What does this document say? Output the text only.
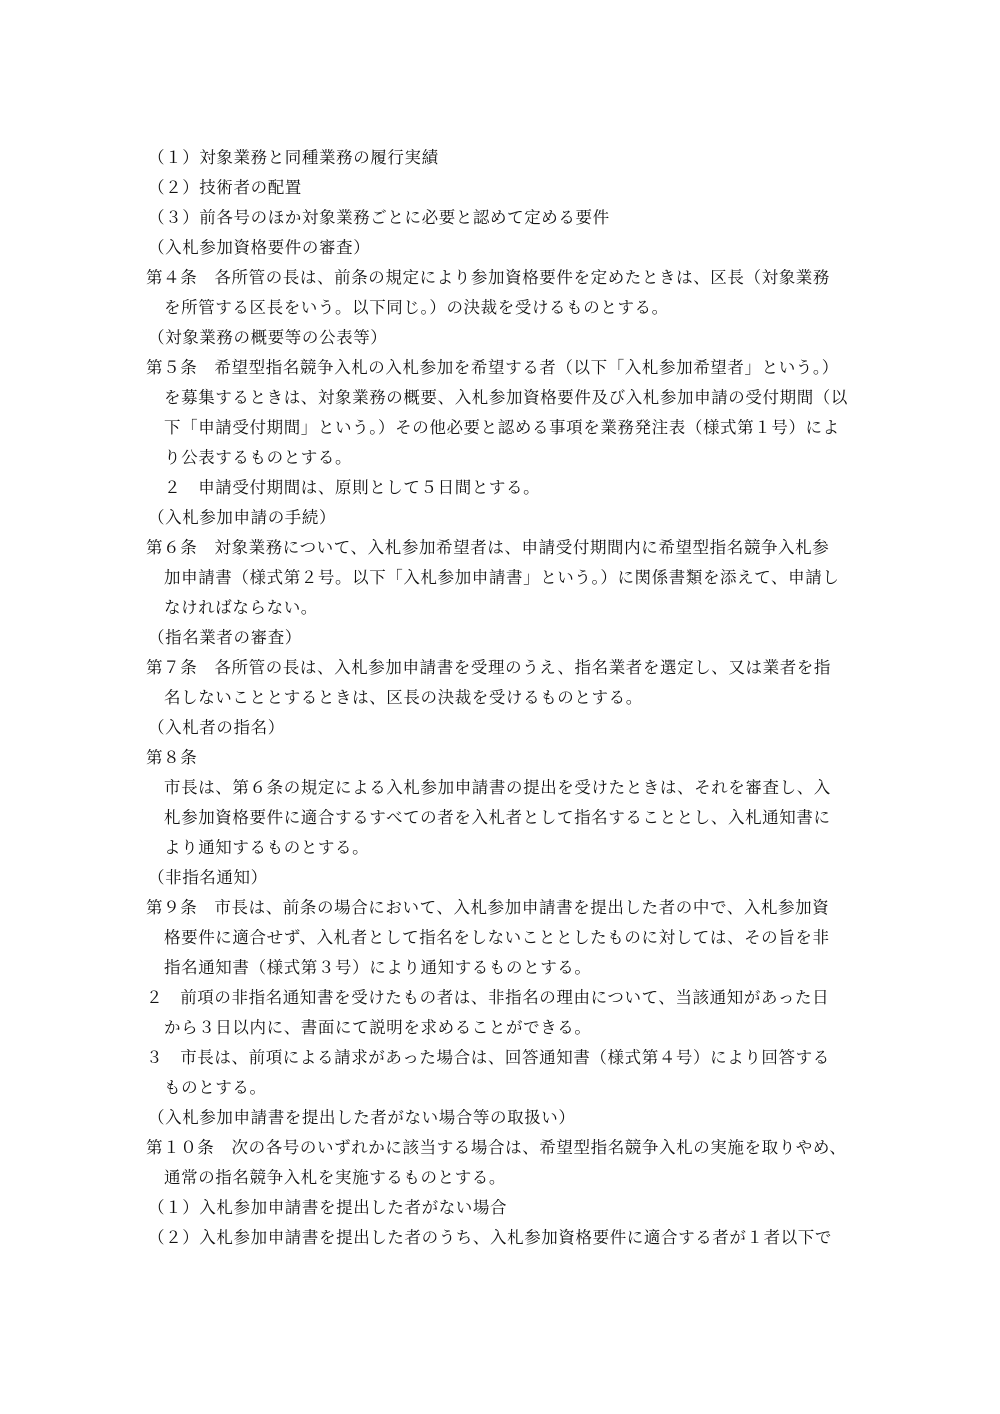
（１）対象業務と同種業務の履行実績
（２）技術者の配置
（３）前各号のほか対象業務ごとに必要と認めて定める要件
（入札参加資格要件の審査）
第４条　各所管の長は、前条の規定により参加資格要件を定めたときは、区長（対象業務
を所管する区長をいう。以下同じ。）の決裁を受けるものとする。
（対象業務の概要等の公表等）
第５条　希望型指名競争入札の入札参加を希望する者（以下「入札参加希望者」という。）
を募集するときは、対象業務の概要、入札参加資格要件及び入札参加申請の受付期間（以
下「申請受付期間」という。）その他必要と認める事項を業務発注表（様式第１号）によ
り公表するものとする。
２　申請受付期間は、原則として５日間とする。
（入札参加申請の手続）
第６条　対象業務について、入札参加希望者は、申請受付期間内に希望型指名競争入札参
加申請書（様式第２号。以下「入札参加申請書」という。）に関係書類を添えて、申請し
なければならない。
（指名業者の審査）
第７条　各所管の長は、入札参加申請書を受理のうえ、指名業者を選定し、又は業者を指
名しないこととするときは、区長の決裁を受けるものとする。
（入札者の指名）
第８条
市長は、第６条の規定による入札参加申請書の提出を受けたときは、それを審査し、入
札参加資格要件に適合するすべての者を入札者として指名することとし、入札通知書に
より通知するものとする。
（非指名通知）
第９条　市長は、前条の場合において、入札参加申請書を提出した者の中で、入札参加資
格要件に適合せず、入札者として指名をしないこととしたものに対しては、その旨を非
指名通知書（様式第３号）により通知するものとする。
２　前項の非指名通知書を受けたもの者は、非指名の理由について、当該通知があった日
から３日以内に、書面にて説明を求めることができる。
３　市長は、前項による請求があった場合は、回答通知書（様式第４号）により回答する
ものとする。
（入札参加申請書を提出した者がない場合等の取扱い）
第１０条　次の各号のいずれかに該当する場合は、希望型指名競争入札の実施を取りやめ、
通常の指名競争入札を実施するものとする。
（１）入札参加申請書を提出した者がない場合
（２）入札参加申請書を提出した者のうち、入札参加資格要件に適合する者が１者以下で
